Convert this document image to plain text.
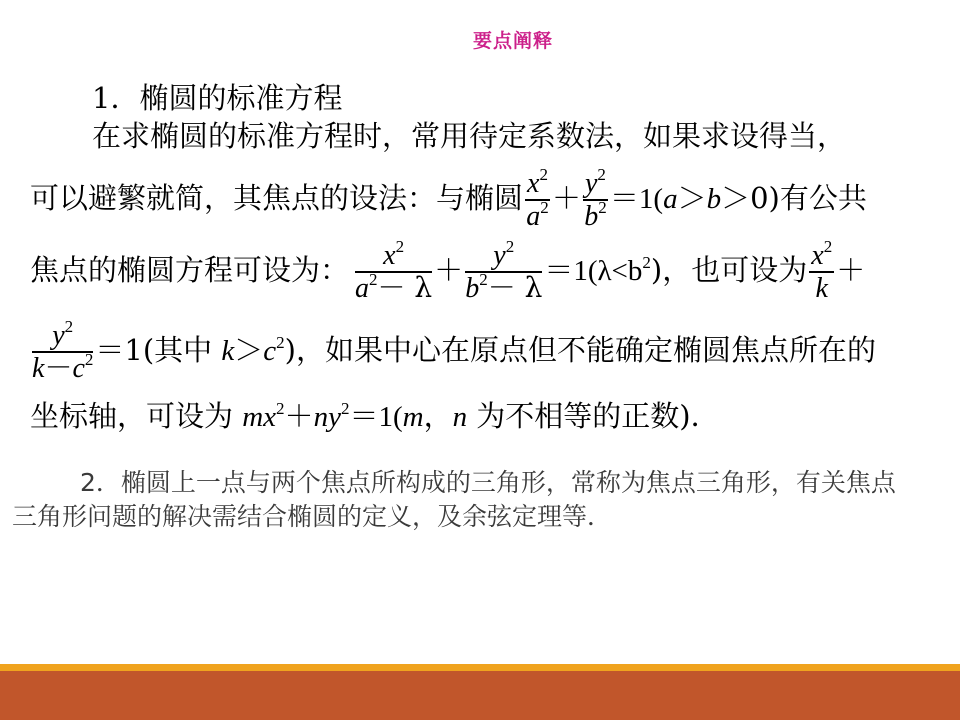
要点阐释
1．椭圆的标准方程
在求椭圆的标准方程时，常用待定系数法，如果求设得当，
可以避繁就简，其焦点的设法：与椭圆 $\frac{x^2}{a^2} + \frac{y^2}{b^2} =1(a>b>0)$有公共
焦点的椭圆方程可设为： $\frac{x^2}{a^2- \lambda} + \frac{y^2}{b^2- \lambda} =1(\lambda<b^2)$，也可设为 $\frac{x^2}{k}$ ＋
$\frac{y^2}{k-c^2} =1$(其中 $k>c^2$)，如果中心在原点但不能确定椭圆焦点所在的
坐标轴，可设为 $mx^2+ny^2=1(m$，n 为不相等的正数)．
2．椭圆上一点与两个焦点所构成的三角形，常称为焦点三角形，有关焦点三角形问题的解决需结合椭圆的定义，及余弦定理等．
